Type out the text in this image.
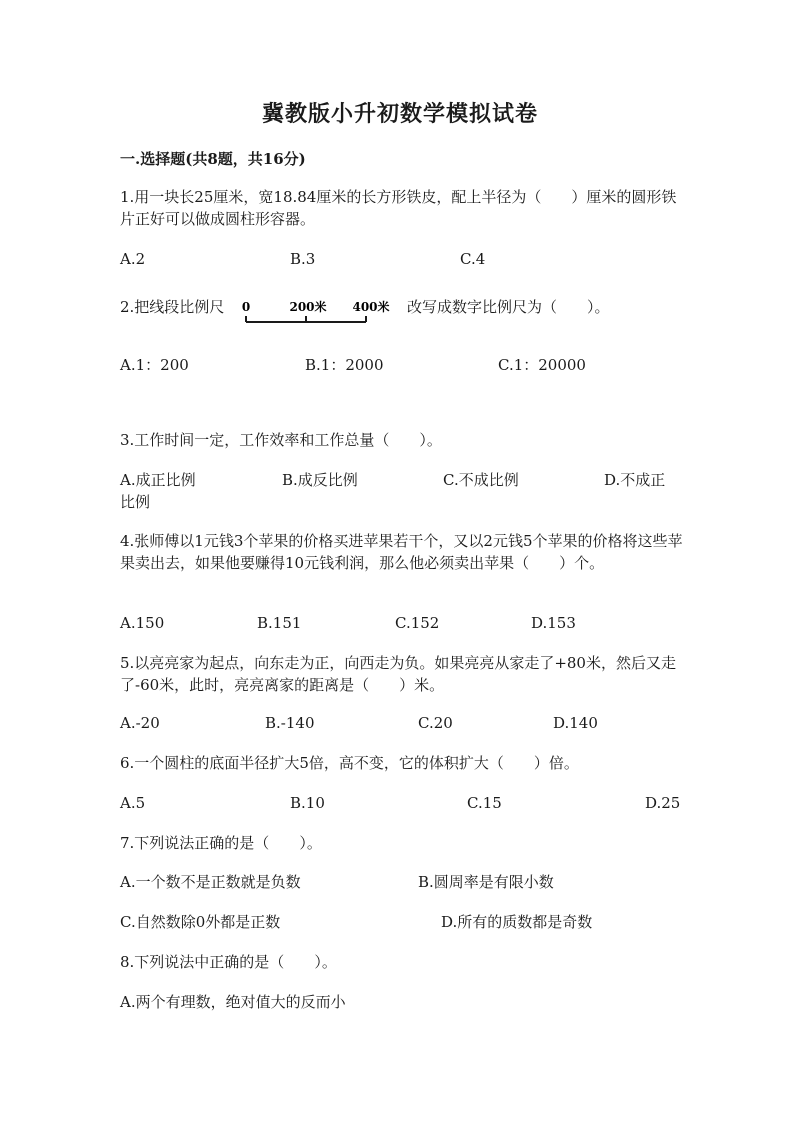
冀教版小升初数学模拟试卷
一.选择题(共8题，共16分)
1.用一块长25厘米，宽18.84厘米的长方形铁皮，配上半径为（　　）厘米的圆形铁片正好可以做成圆柱形容器。
A.2	B.3	C.4
2.把线段比例尺 0	200米 400米 改写成数字比例尺为（　　）。
A.1：200	B.1：2000	C.1：20000
3.工作时间一定，工作效率和工作总量（　　）。
A.成正比例	B.成反比例	C.不成比例	D.不成正
比例
4.张师傅以1元钱3个苹果的价格买进苹果若干个，又以2元钱5个苹果的价格将这些苹果卖出去，如果他要赚得10元钱利润，那么他必须卖出苹果（　　）个。
A.150	B.151	C.152	D.153
5.以亮亮家为起点，向东走为正，向西走为负。如果亮亮从家走了+80米，然后又走了-60米，此时，亮亮离家的距离是（　　）米。
A.-20	B.-140	C.20	D.140
6.一个圆柱的底面半径扩大5倍，高不变，它的体积扩大（　　）倍。
A.5	B.10	C.15	D.25
7.下列说法正确的是（　　）。
A.一个数不是正数就是负数	B.圆周率是有限小数
C.自然数除0外都是正数	D.所有的质数都是奇数
8.下列说法中正确的是（　　）。
A.两个有理数，绝对值大的反而小
